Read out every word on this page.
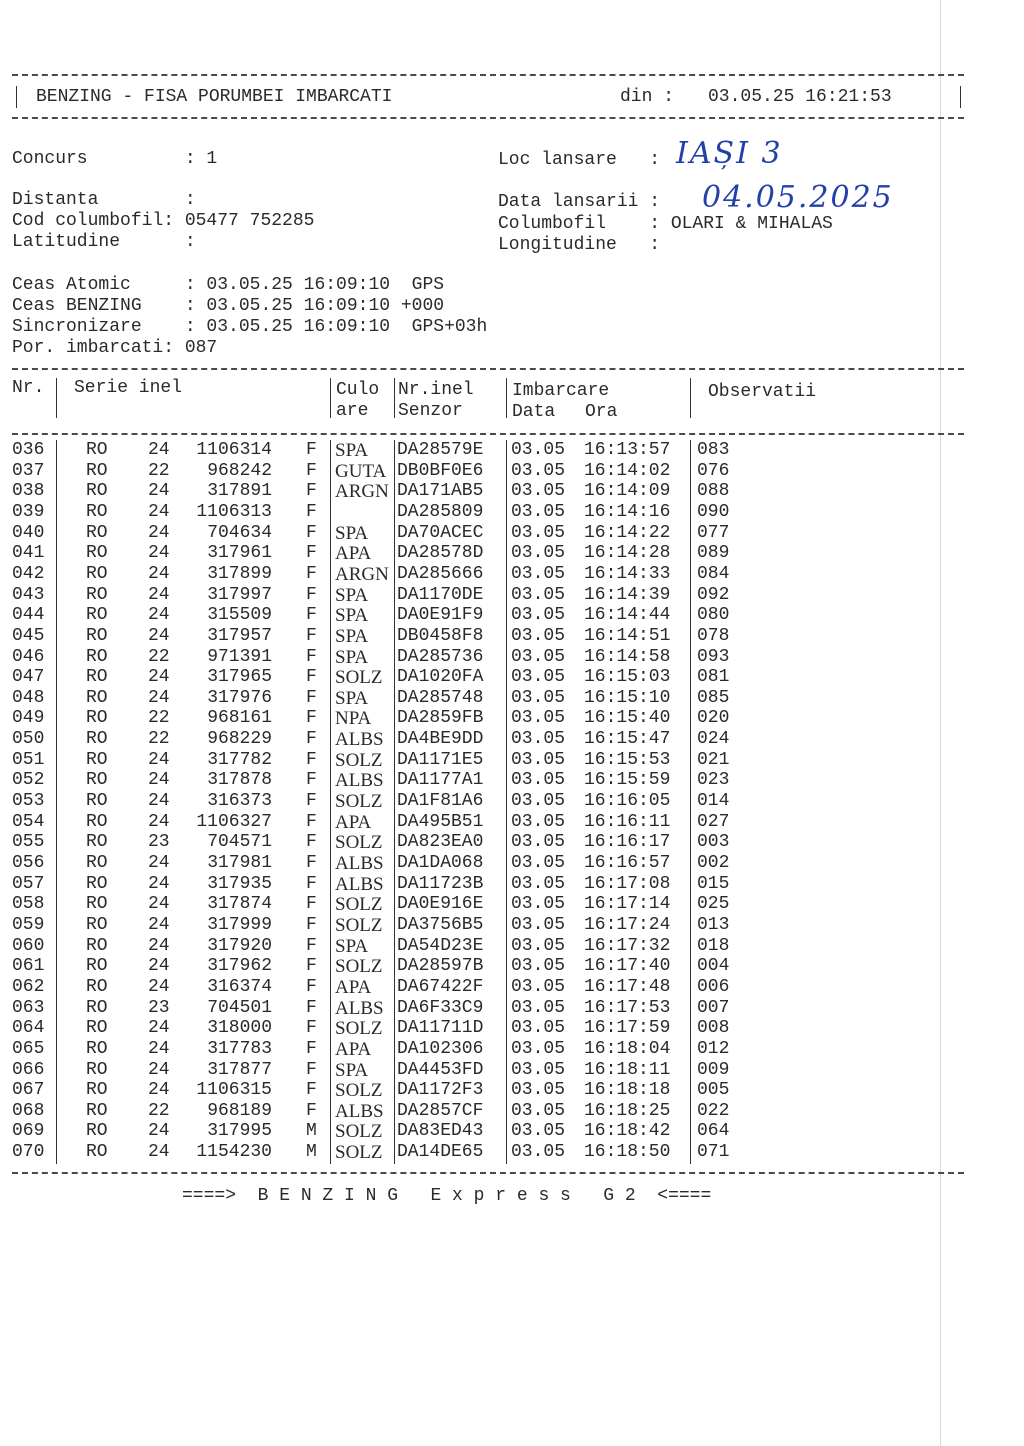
BENZING - FISA PORUMBEI IMBARCATI	din : 03.05.25 16:21:53
Concurs         : 1	Loc lansare   : IAȘI 3
Distanta        :	Data lansarii : 04.05.2025
Cod columbofil: 05477 752285	Columbofil    : OLARI & MIHALAS
Latitudine      :	Longitudine   :
Ceas Atomic     : 03.05.25 16:09:10  GPS
Ceas BENZING    : 03.05.25 16:09:10 +000
Sincronizare    : 03.05.25 16:09:10  GPS+03h
Por. imbarcati: 087
Nr. Serie inel	Culo
are
Nr.inel
Senzor
Imbarcare
Data Ora
Observatii
036 RO 24	1106314 F SPA DA28579E 03.05 16:13:57 083
037 RO 22	968242 F GUTA DB0BF0E6 03.05 16:14:02 076
038 RO 24	317891 F ARGN DA171AB5 03.05 16:14:09 088
039 RO 24	1106313 F	DA285809 03.05 16:14:16 090
040 RO 24	704634 F SPA DA70ACEC 03.05 16:14:22 077
041 RO 24	317961 F APA DA28578D 03.05 16:14:28 089
042 RO 24	317899 F ARGN DA285666 03.05 16:14:33 084
043 RO 24	317997 F SPA DA1170DE 03.05 16:14:39 092
044 RO 24	315509 F SPA DA0E91F9 03.05 16:14:44 080
045 RO 24	317957 F SPA DB0458F8 03.05 16:14:51 078
046 RO 22	971391 F SPA DA285736 03.05 16:14:58 093
047 RO 24	317965 F SOLZ DA1020FA 03.05 16:15:03 081
048 RO 24	317976 F SPA DA285748 03.05 16:15:10 085
049 RO 22	968161 F NPA DA2859FB 03.05 16:15:40 020
050 RO 22	968229 F ALBS DA4BE9DD 03.05 16:15:47 024
051 RO 24	317782 F SOLZ DA1171E5 03.05 16:15:53 021
052 RO 24	317878 F ALBS DA1177A1 03.05 16:15:59 023
053 RO 24	316373 F SOLZ DA1F81A6 03.05 16:16:05 014
054 RO 24	1106327 F APA DA495B51 03.05 16:16:11 027
055 RO 23	704571 F SOLZ DA823EA0 03.05 16:16:17 003
056 RO 24	317981 F ALBS DA1DA068 03.05 16:16:57 002
057 RO 24	317935 F ALBS DA11723B 03.05 16:17:08 015
058 RO 24	317874 F SOLZ DA0E916E 03.05 16:17:14 025
059 RO 24	317999 F SOLZ DA3756B5 03.05 16:17:24 013
060 RO 24	317920 F SPA DA54D23E 03.05 16:17:32 018
061 RO 24	317962 F SOLZ DA28597B 03.05 16:17:40 004
062 RO 24	316374 F APA DA67422F 03.05 16:17:48 006
063 RO 23	704501 F ALBS DA6F33C9 03.05 16:17:53 007
064 RO 24	318000 F SOLZ DA11711D 03.05 16:17:59 008
065 RO 24	317783 F APA DA102306 03.05 16:18:04 012
066 RO 24	317877 F SPA DA4453FD 03.05 16:18:11 009
067 RO 24	1106315 F SOLZ DA1172F3 03.05 16:18:18 005
068 RO 22	968189 F ALBS DA2857CF 03.05 16:18:25 022
069 RO 24	317995 M SOLZ DA83ED43 03.05 16:18:42 064
070 RO 24	1154230 M SOLZ DA14DE65 03.05 16:18:50 071
====>  B E N Z I N G   E x p r e s s   G 2  <====
